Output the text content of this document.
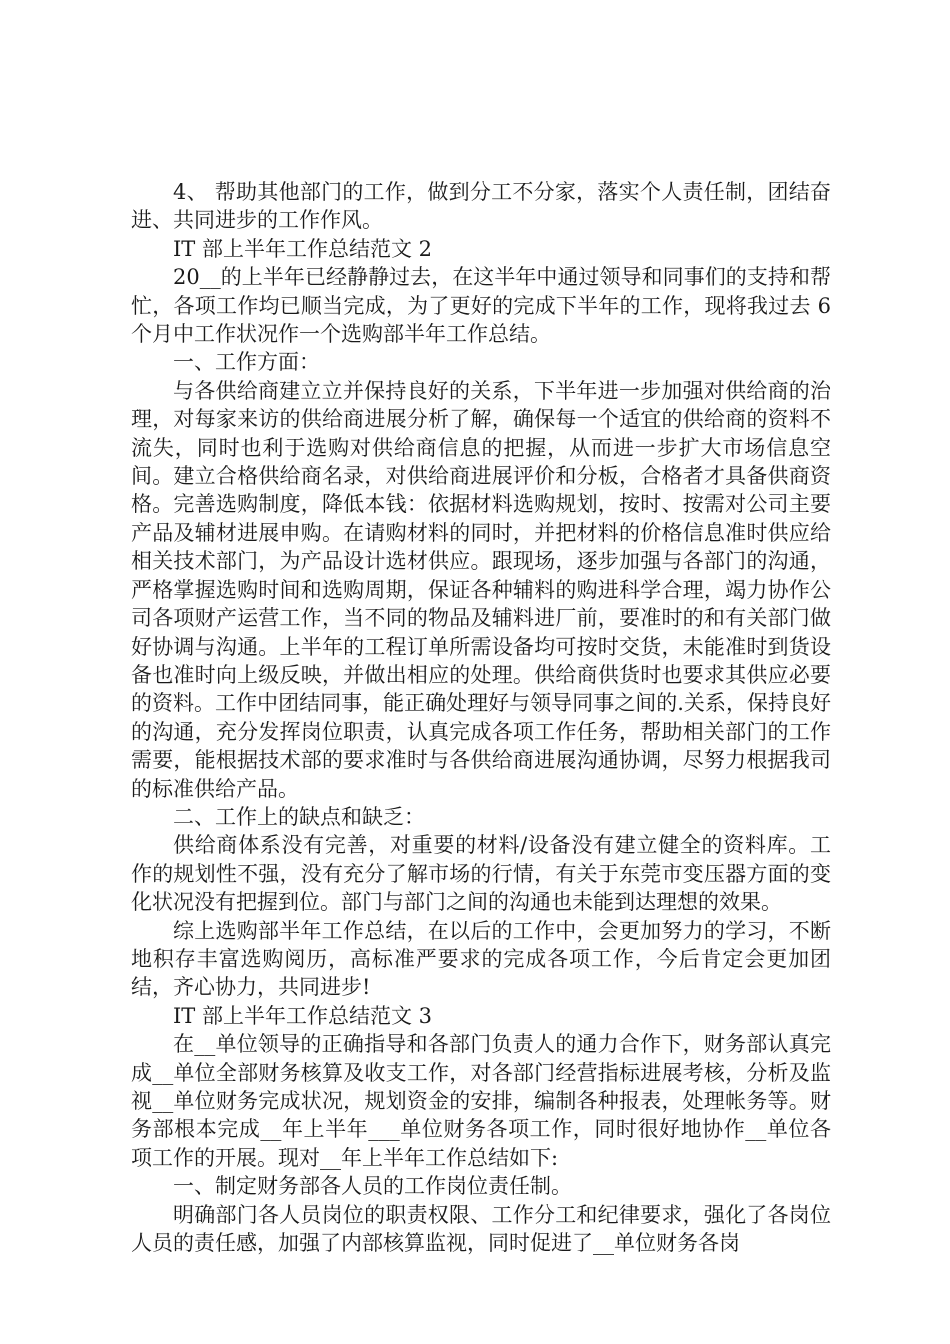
4、 帮助其他部门的工作，做到分工不分家，落实个人责任制，团结奋进、共同进步的工作作风。

IT 部上半年工作总结范文 2

20__的上半年已经静静过去，在这半年中通过领导和同事们的支持和帮忙，各项工作均已顺当完成，为了更好的完成下半年的工作，现将我过去 6 个月中工作状况作一个选购部半年工作总结。

一、工作方面：

与各供给商建立立并保持良好的关系，下半年进一步加强对供给商的治理，对每家来访的供给商进展分析了解，确保每一个适宜的供给商的资料不流失，同时也利于选购对供给商信息的把握，从而进一步扩大市场信息空间。建立合格供给商名录，对供给商进展评价和分板，合格者才具备供商资格。完善选购制度，降低本钱：依据材料选购规划，按时、按需对公司主要产品及辅材进展申购。在请购材料的同时，并把材料的价格信息准时供应给相关技术部门，为产品设计选材供应。跟现场，逐步加强与各部门的沟通，严格掌握选购时间和选购周期，保证各种辅料的购进科学合理，竭力协作公司各项财产运营工作，当不同的物品及辅料进厂前，要准时的和有关部门做好协调与沟通。上半年的工程订单所需设备均可按时交货，未能准时到货设备也准时向上级反映，并做出相应的处理。供给商供货时也要求其供应必要的资料。工作中团结同事，能正确处理好与领导同事之间的.关系，保持良好的沟通，充分发挥岗位职责，认真完成各项工作任务，帮助相关部门的工作需要，能根据技术部的要求准时与各供给商进展沟通协调，尽努力根据我司的标准供给产品。

二、工作上的缺点和缺乏：

供给商体系没有完善，对重要的材料/设备没有建立健全的资料库。工作的规划性不强，没有充分了解市场的行情，有关于东莞市变压器方面的变化状况没有把握到位。部门与部门之间的沟通也未能到达理想的效果。

综上选购部半年工作总结，在以后的工作中，会更加努力的学习，不断地积存丰富选购阅历，高标准严要求的完成各项工作，今后肯定会更加团结，齐心协力，共同进步!

IT 部上半年工作总结范文 3

在__单位领导的正确指导和各部门负责人的通力合作下，财务部认真完成__单位全部财务核算及收支工作，对各部门经营指标进展考核，分析及监视__单位财务完成状况，规划资金的安排，编制各种报表，处理帐务等。财务部根本完成__年上半年___单位财务各项工作，同时很好地协作__单位各项工作的开展。现对__年上半年工作总结如下:

一、制定财务部各人员的工作岗位责任制。

明确部门各人员岗位的职责权限、工作分工和纪律要求，强化了各岗位人员的责任感，加强了内部核算监视，同时促进了__单位财务各岗
